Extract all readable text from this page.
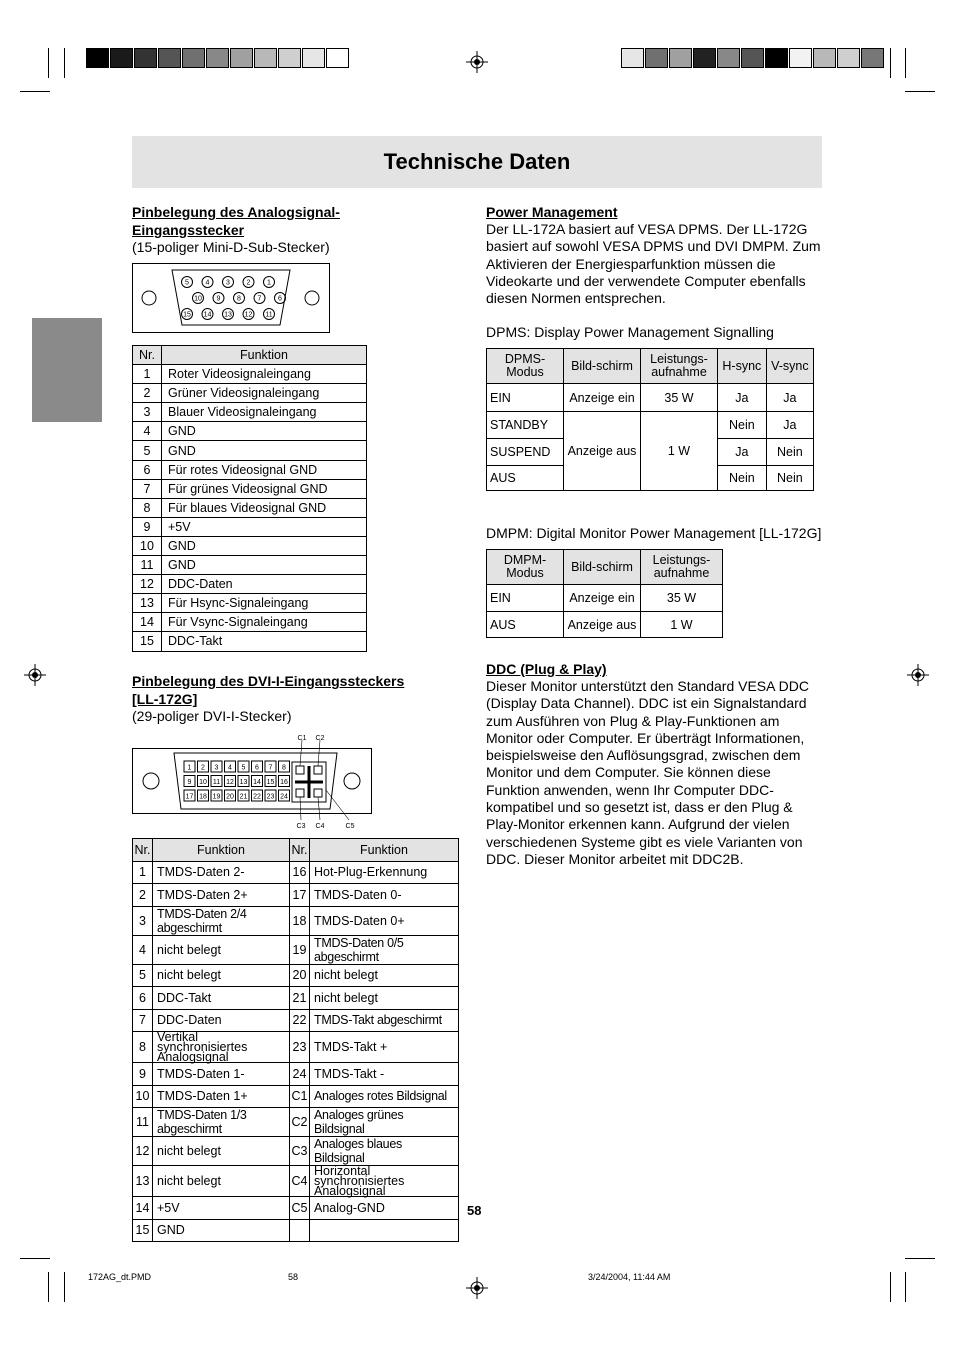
Technische Daten
Pinbelegung des Analogsignal-
Eingangsstecker

(15-poliger Mini-D-Sub-Stecker)

5 4 3 2 1
10 9 8 7 6
15 14 13 12 11
Nr.	Funktion
1	Roter Videosignaleingang
2	Grüner Videosignaleingang
3	Blauer Videosignaleingang
4	GND
5	GND
6	Für rotes Videosignal GND
7	Für grünes Videosignal GND
8	Für blaues Videosignal GND
9	+5V
10	GND
11	GND
12	DDC-Daten
13	Für Hsync-Signaleingang
14	Für Vsync-Signaleingang
15	DDC-Takt
Pinbelegung des DVI-I-Eingangssteckers
[LL-172G]

(29-poliger DVI-I-Stecker)

1 2 3 4 5 6 7 8
9 10 11 12 13 14 15 16
17 18 19 20 21 22 23 24
C1 C2
C3 C4	C5
Nr.	Funktion	Nr.	Funktion
1	TMDS-Daten 2-	16	Hot-Plug-Erkennung
2	TMDS-Daten 2+	17	TMDS-Daten 0-
3	TMDS-Daten 2/4 abgeschirmt	18	TMDS-Daten 0+
4	nicht belegt	19	TMDS-Daten 0/5 abgeschirmt
5	nicht belegt	20	nicht belegt
6	DDC-Takt	21	nicht belegt
7	DDC-Daten	22	TMDS-Takt abgeschirmt
8	Vertikal synchronisiertes Analogsignal	23	TMDS-Takt +
9	TMDS-Daten 1-	24	TMDS-Takt -
10	TMDS-Daten 1+	C1	Analoges rotes Bildsignal
11	TMDS-Daten 1/3 abgeschirmt	C2	Analoges grünes Bildsignal
12	nicht belegt	C3	Analoges blaues Bildsignal
13	nicht belegt	C4	Horizontal synchronisiertes Analogsignal
14	+5V	C5	Analog-GND
15	GND		
Power Management

Der LL-172A basiert auf VESA DPMS. Der LL-172G basiert auf sowohl VESA DPMS und DVI DMPM. Zum Aktivieren der Energiesparfunktion müssen die Videokarte und der verwendete Computer ebenfalls diesen Normen entsprechen.

DPMS: Display Power Management Signalling

DPMS-Modus	Bild-schirm	Leistungs-aufnahme	H-sync	V-sync
EIN	Anzeige ein	35 W	Ja	Ja
STANDBY	Anzeige aus	1 W	Nein	Ja
SUSPEND			Ja	Nein
AUS			Nein	Nein

DMPM: Digital Monitor Power Management [LL-172G]

DMPM-Modus	Bild-schirm	Leistungs-aufnahme
EIN	Anzeige ein	35 W
AUS	Anzeige aus	1 W
DDC (Plug & Play)

Dieser Monitor unterstützt den Standard VESA DDC (Display Data Channel). DDC ist ein Signalstandard zum Ausführen von Plug & Play-Funktionen am Monitor oder Computer. Er überträgt Informationen, beispielsweise den Auflösungsgrad, zwischen dem Monitor und dem Computer. Sie können diese Funktion anwenden, wenn Ihr Computer DDC-kompatibel und so gesetzt ist, dass er den Plug & Play-Monitor erkennen kann. Aufgrund der vielen verschiedenen Systeme gibt es viele Varianten von DDC. Dieser Monitor arbeitet mit DDC2B.

58
172AG_dt.PMD	58	3/24/2004, 11:44 AM
